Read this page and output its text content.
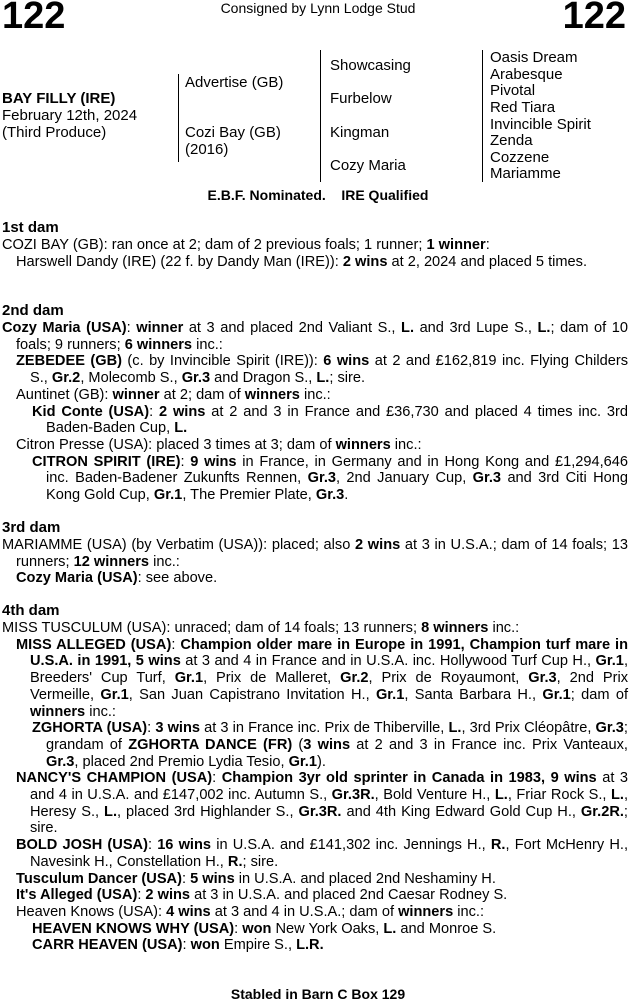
122	122
Consigned by Lynn Lodge Stud
BAY FILLY (IRE)
February 12th, 2024
(Third Produce)
Advertise (GB)
Cozi Bay (GB)
(2016)
Showcasing
Furbelow
Kingman
Cozy Maria
Oasis Dream
Arabesque
Pivotal
Red Tiara
Invincible Spirit
Zenda
Cozzene
Mariamme
E.B.F. Nominated.    IRE Qualified
1st dam
COZI BAY (GB): ran once at 2; dam of 2 previous foals; 1 runner; 1 winner:
Harswell Dandy (IRE) (22 f. by Dandy Man (IRE)): 2 wins at 2, 2024 and placed 5 times.
2nd dam
Cozy Maria (USA): winner at 3 and placed 2nd Valiant S., L. and 3rd Lupe S., L.; dam of 10 foals; 9 runners; 6 winners inc.:
ZEBEDEE (GB) (c. by Invincible Spirit (IRE)): 6 wins at 2 and £162,819 inc. Flying Childers S., Gr.2, Molecomb S., Gr.3 and Dragon S., L.; sire.
Auntinet (GB): winner at 2; dam of winners inc.:
Kid Conte (USA): 2 wins at 2 and 3 in France and £36,730 and placed 4 times inc. 3rd Baden-Baden Cup, L.
Citron Presse (USA): placed 3 times at 3; dam of winners inc.:
CITRON SPIRIT (IRE): 9 wins in France, in Germany and in Hong Kong and £1,294,646 inc. Baden-Badener Zukunfts Rennen, Gr.3, 2nd January Cup, Gr.3 and 3rd Citi Hong Kong Gold Cup, Gr.1, The Premier Plate, Gr.3.
3rd dam
MARIAMME (USA) (by Verbatim (USA)): placed; also 2 wins at 3 in U.S.A.; dam of 14 foals; 13 runners; 12 winners inc.:
Cozy Maria (USA): see above.
4th dam
MISS TUSCULUM (USA): unraced; dam of 14 foals; 13 runners; 8 winners inc.:
MISS ALLEGED (USA): Champion older mare in Europe in 1991, Champion turf mare in U.S.A. in 1991, 5 wins at 3 and 4 in France and in U.S.A. inc. Hollywood Turf Cup H., Gr.1, Breeders' Cup Turf, Gr.1, Prix de Malleret, Gr.2, Prix de Royaumont, Gr.3, 2nd Prix Vermeille, Gr.1, San Juan Capistrano Invitation H., Gr.1, Santa Barbara H., Gr.1; dam of winners inc.:
ZGHORTA (USA): 3 wins at 3 in France inc. Prix de Thiberville, L., 3rd Prix Cléopâtre, Gr.3; grandam of ZGHORTA DANCE (FR) (3 wins at 2 and 3 in France inc. Prix Vanteaux, Gr.3, placed 2nd Premio Lydia Tesio, Gr.1).
NANCY'S CHAMPION (USA): Champion 3yr old sprinter in Canada in 1983, 9 wins at 3 and 4 in U.S.A. and £147,002 inc. Autumn S., Gr.3R., Bold Venture H., L., Friar Rock S., L., Heresy S., L., placed 3rd Highlander S., Gr.3R. and 4th King Edward Gold Cup H., Gr.2R.; sire.
BOLD JOSH (USA): 16 wins in U.S.A. and £141,302 inc. Jennings H., R., Fort McHenry H., Navesink H., Constellation H., R.; sire.
Tusculum Dancer (USA): 5 wins in U.S.A. and placed 2nd Neshaminy H.
It's Alleged (USA): 2 wins at 3 in U.S.A. and placed 2nd Caesar Rodney S.
Heaven Knows (USA): 4 wins at 3 and 4 in U.S.A.; dam of winners inc.:
HEAVEN KNOWS WHY (USA): won New York Oaks, L. and Monroe S.
CARR HEAVEN (USA): won Empire S., L.R.
Stabled in Barn C Box 129
